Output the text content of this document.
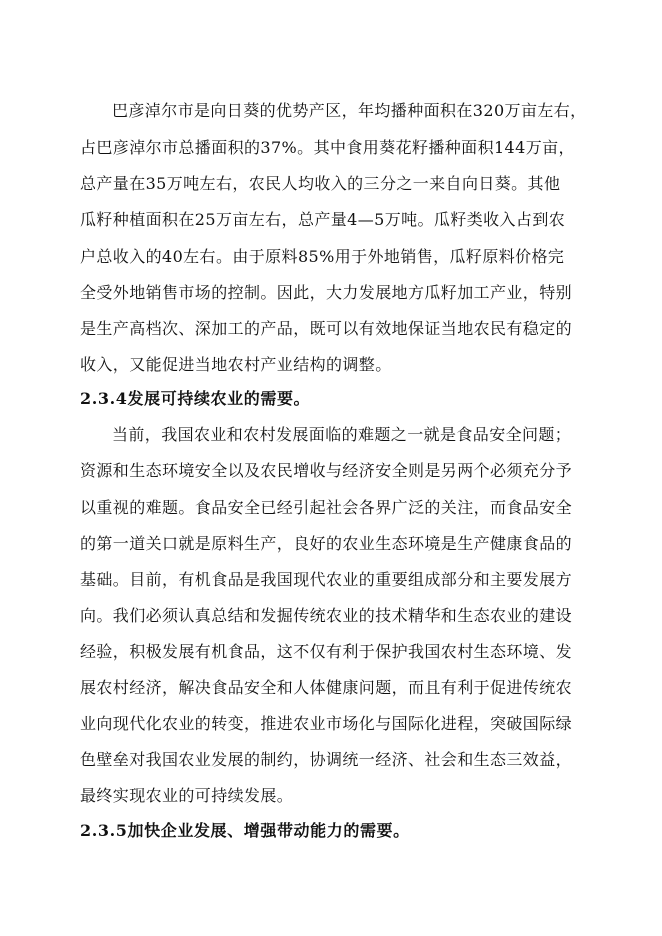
巴彦淖尔市是向日葵的优势产区，年均播种面积在320万亩左右，
占巴彦淖尔市总播面积的37%。其中食用葵花籽播种面积144万亩，
总产量在35万吨左右，农民人均收入的三分之一来自向日葵。其他
瓜籽种植面积在25万亩左右，总产量4—5万吨。瓜籽类收入占到农
户总收入的40左右。由于原料85%用于外地销售，瓜籽原料价格完
全受外地销售市场的控制。因此，大力发展地方瓜籽加工产业，特别
是生产高档次、深加工的产品，既可以有效地保证当地农民有稳定的
收入，又能促进当地农村产业结构的调整。
2.3.4发展可持续农业的需要。
当前，我国农业和农村发展面临的难题之一就是食品安全问题；
资源和生态环境安全以及农民增收与经济安全则是另两个必须充分予
以重视的难题。食品安全已经引起社会各界广泛的关注，而食品安全
的第一道关口就是原料生产，良好的农业生态环境是生产健康食品的
基础。目前，有机食品是我国现代农业的重要组成部分和主要发展方
向。我们必须认真总结和发掘传统农业的技术精华和生态农业的建设
经验，积极发展有机食品，这不仅有利于保护我国农村生态环境、发
展农村经济，解决食品安全和人体健康问题，而且有利于促进传统农
业向现代化农业的转变，推进农业市场化与国际化进程，突破国际绿
色壁垒对我国农业发展的制约，协调统一经济、社会和生态三效益，
最终实现农业的可持续发展。
2.3.5加快企业发展、增强带动能力的需要。
